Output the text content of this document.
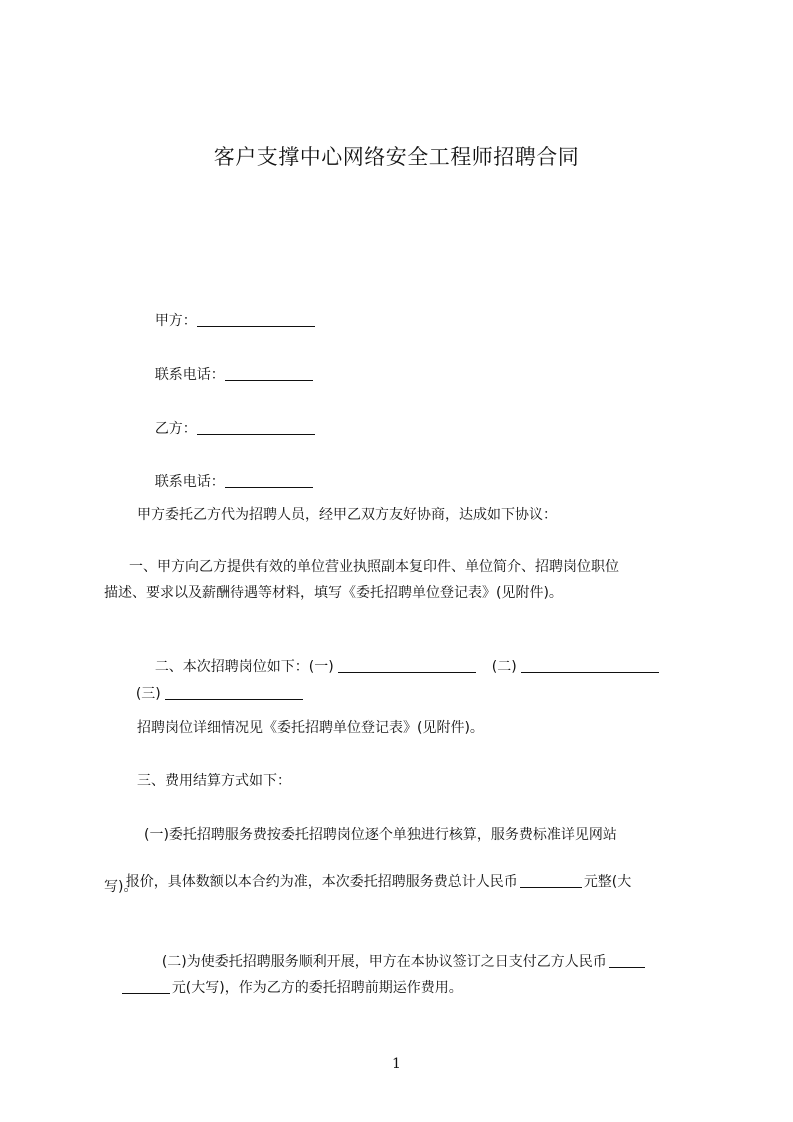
客户支撑中心网络安全工程师招聘合同

甲方：

联系电话：

乙方：

联系电话：

甲方委托乙方代为招聘人员，经甲乙双方友好协商，达成如下协议：
一、甲方向乙方提供有效的单位营业执照副本复印件、单位简介、招聘岗位职位
描述、要求以及薪酬待遇等材料，填写《委托招聘单位登记表》(见附件)。

二、本次招聘岗位如下：(一)	(二)

(三)

招聘岗位详细情况见《委托招聘单位登记表》(见附件)。
三、费用结算方式如下：
(一)委托招聘服务费按委托招聘岗位逐个单独进行核算，服务费标准详见网站

报价，具体数额以本合约为准，本次委托招聘服务费总计人民币	元整(大

写)。

(二)为使委托招聘服务顺利开展，甲方在本协议签订之日支付乙方人民币

元(大写)，作为乙方的委托招聘前期运作费用。

1
